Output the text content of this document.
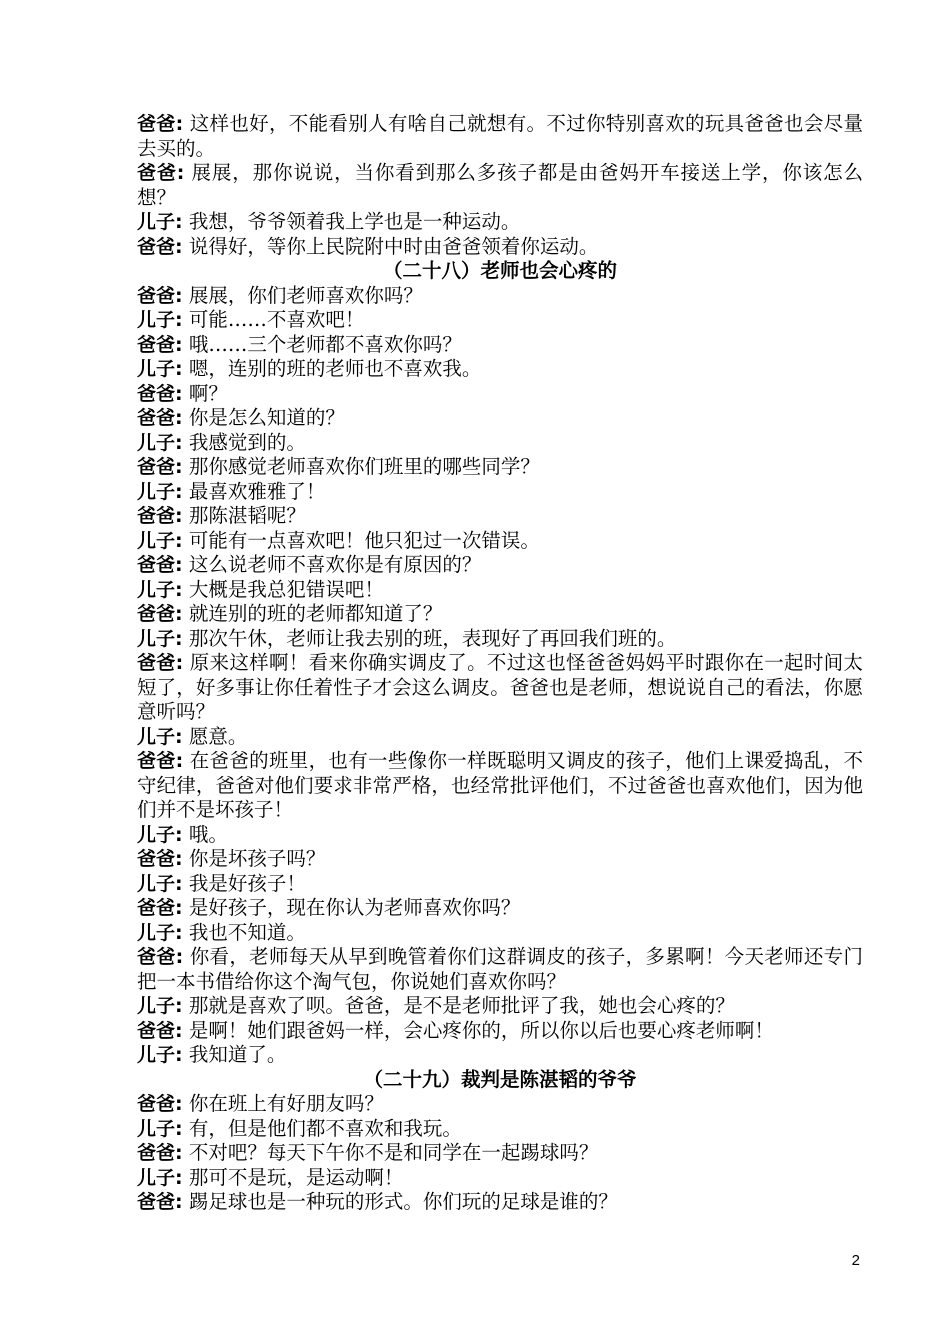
爸爸: 这样也好，不能看别人有啥自己就想有。不过你特别喜欢的玩具爸爸也会尽量去买的。
爸爸: 展展，那你说说，当你看到那么多孩子都是由爸妈开车接送上学，你该怎么想？
儿子: 我想，爷爷领着我上学也是一种运动。
爸爸: 说得好，等你上民院附中时由爸爸领着你运动。
（二十八）老师也会心疼的
爸爸: 展展，你们老师喜欢你吗？
儿子: 可能……不喜欢吧！
爸爸: 哦……三个老师都不喜欢你吗？
儿子: 嗯，连别的班的老师也不喜欢我。
爸爸: 啊？
爸爸: 你是怎么知道的？
儿子: 我感觉到的。
爸爸: 那你感觉老师喜欢你们班里的哪些同学？
儿子: 最喜欢雅雅了！
爸爸: 那陈湛韬呢？
儿子: 可能有一点喜欢吧！他只犯过一次错误。
爸爸: 这么说老师不喜欢你是有原因的？
儿子: 大概是我总犯错误吧！
爸爸: 就连别的班的老师都知道了？
儿子: 那次午休，老师让我去别的班，表现好了再回我们班的。
爸爸: 原来这样啊！看来你确实调皮了。不过这也怪爸爸妈妈平时跟你在一起时间太短了，好多事让你任着性子才会这么调皮。爸爸也是老师，想说说自己的看法，你愿意听吗？
儿子: 愿意。
爸爸: 在爸爸的班里，也有一些像你一样既聪明又调皮的孩子，他们上课爱捣乱，不守纪律，爸爸对他们要求非常严格，也经常批评他们，不过爸爸也喜欢他们，因为他们并不是坏孩子！
儿子: 哦。
爸爸: 你是坏孩子吗？
儿子: 我是好孩子！
爸爸: 是好孩子，现在你认为老师喜欢你吗？
儿子: 我也不知道。
爸爸: 你看，老师每天从早到晚管着你们这群调皮的孩子，多累啊！今天老师还专门把一本书借给你这个淘气包，你说她们喜欢你吗？
儿子: 那就是喜欢了呗。爸爸，是不是老师批评了我，她也会心疼的？
爸爸: 是啊！她们跟爸妈一样，会心疼你的，所以你以后也要心疼老师啊！
儿子: 我知道了。
（二十九）裁判是陈湛韬的爷爷
爸爸: 你在班上有好朋友吗？
儿子: 有，但是他们都不喜欢和我玩。
爸爸: 不对吧？每天下午你不是和同学在一起踢球吗？
儿子: 那可不是玩，是运动啊！
爸爸: 踢足球也是一种玩的形式。你们玩的足球是谁的？
2
